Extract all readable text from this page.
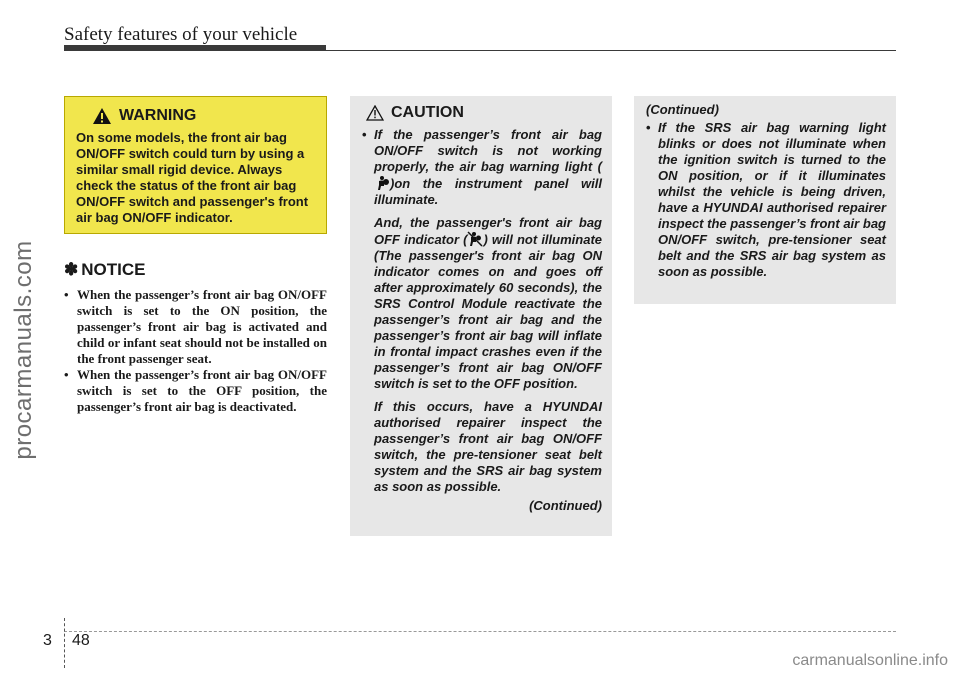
Safety features of your vehicle
procarmanuals.com
carmanualsonline.info
WARNING
On some models, the front air bag ON/OFF switch could turn by using a similar small rigid device. Always check the status of the front air bag ON/OFF switch and passenger's front air bag ON/OFF indicator.
✽ NOTICE
• When the passenger’s front air bag ON/OFF switch is set to the ON position, the passenger’s front air bag is activated and child or infant seat should not be installed on the front passenger seat.
• When the passenger’s front air bag ON/OFF switch is set to the OFF position, the passenger’s front air bag is deactivated.
CAUTION
• If the passenger’s front air bag ON/OFF switch is not working properly, the air bag warning light ()on the instrument panel will illuminate.
And, the passenger's front air bag OFF indicator ( ) will not illuminate (The passenger's front air bag ON indicator comes on and goes off after approximately 60 seconds), the SRS Control Module reactivate the passenger’s front air bag and the passenger’s front air bag will inflate in frontal impact crashes even if the passenger’s front air bag ON/OFF switch is set to the OFF position.
If this occurs, have a HYUNDAI authorised repairer inspect the passenger’s front air bag ON/OFF switch, the pre-tensioner seat belt system and the SRS air bag system as soon as possible.
(Continued)
(Continued)
• If the SRS air bag warning light blinks or does not illuminate when the ignition switch is turned to the ON position, or if it illuminates whilst the vehicle is being driven, have a HYUNDAI authorised repairer inspect the passenger’s front air bag ON/OFF switch, pre-tensioner seat belt and the SRS air bag system as soon as possible.
3 48
